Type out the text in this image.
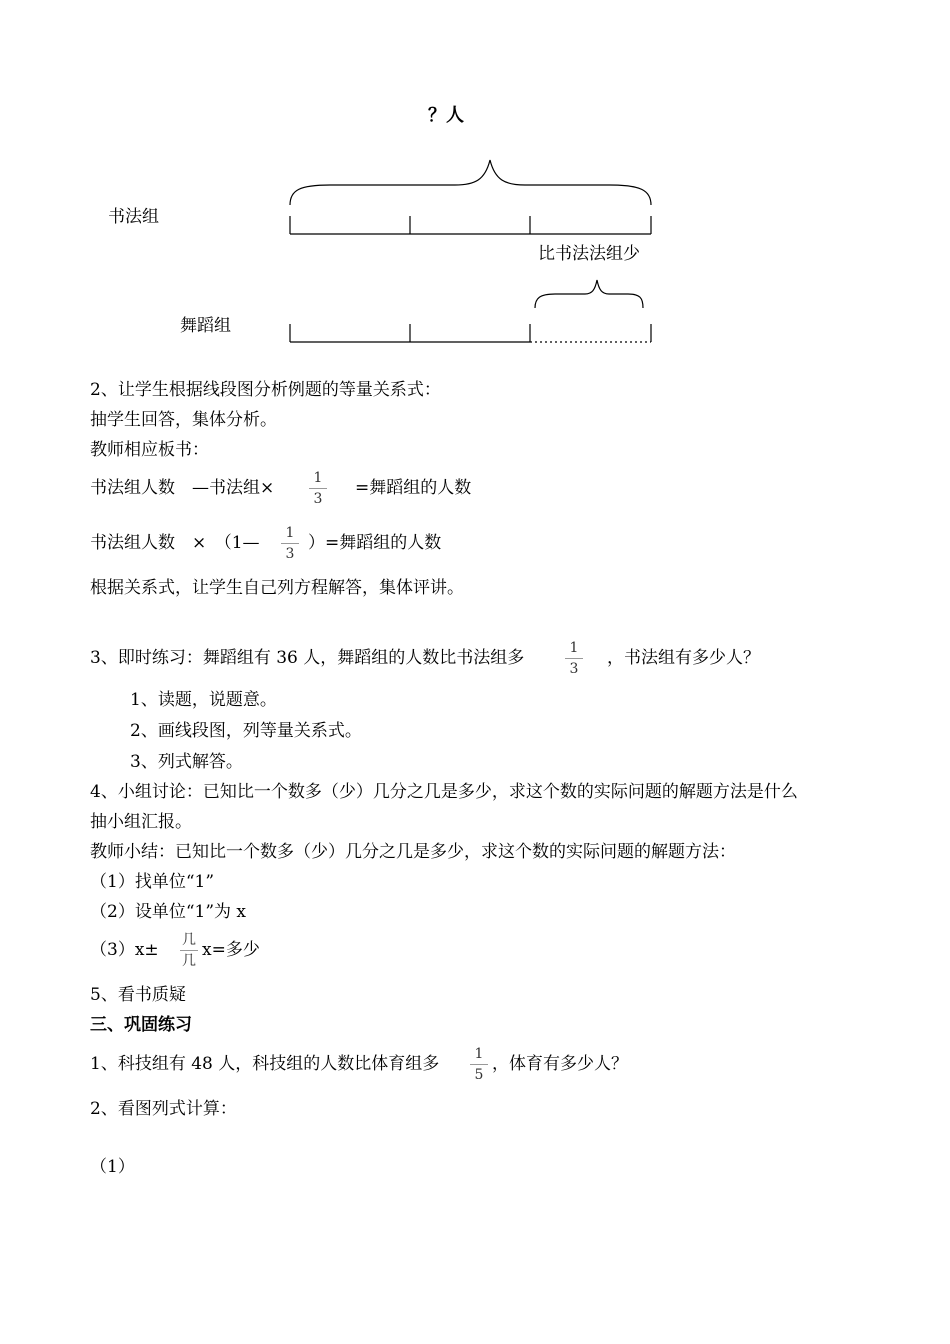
？人
书法组
比书法法组少
舞蹈组
2、让学生根据线段图分析例题的等量关系式：
抽学生回答，集体分析。
教师相应板书：
书法组人数　—书法组× $\frac{1}{3}$ =舞蹈组的人数
书法组人数　×　（1— $\frac{1}{3}$ ）=舞蹈组的人数
根据关系式，让学生自己列方程解答，集体评讲。
3、即时练习：舞蹈组有 36 人，舞蹈组的人数比书法组多	$\frac{1}{3}$ ，书法组有多少人？
1、读题，说题意。
2、画线段图，列等量关系式。
3、列式解答。
4、小组讨论：已知比一个数多（少）几分之几是多少，求这个数的实际问题的解题方法是什么
抽小组汇报。
教师小结：已知比一个数多（少）几分之几是多少，求这个数的实际问题的解题方法：
（1）找单位“1”
（2）设单位“1”为 x
（3）x± 几
几
x=多少
5、看书质疑
三、巩固练习
1、科技组有 48 人，科技组的人数比体育组多 $\frac{1}{5}$ ，体育有多少人？
2、看图列式计算：
（1）
